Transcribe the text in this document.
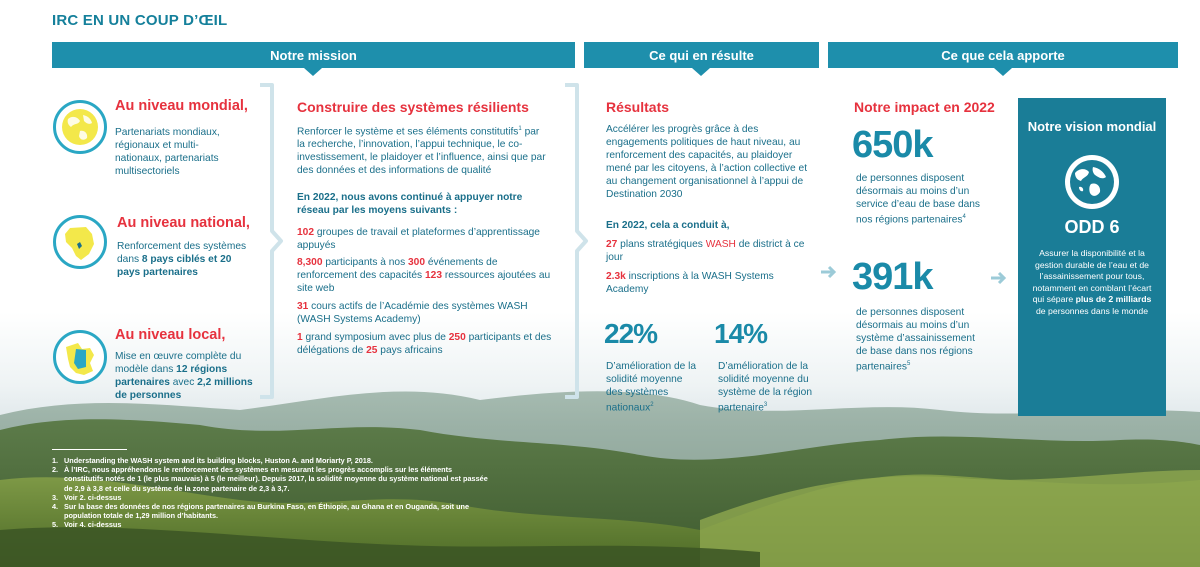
IRC EN UN COUP D’ŒIL
Notre mission	Ce qui en résulte	Ce que cela apporte
Au niveau mondial,
Partenariats mondiaux, régionaux et multi-nationaux, partenariats multisectoriels
Au niveau national,
Renforcement des systèmes dans 8 pays ciblés et 20 pays partenaires
Au niveau local,
Mise en œuvre complète du modèle dans 12 régions partenaires avec 2,2 millions de personnes
Construire des systèmes résilients
Renforcer le système et ses éléments constitutifs$^1$ par la recherche, l’innovation, l’appui technique, le co-investissement, le plaidoyer et l’influence, ainsi que par des données et des informations de qualité
En 2022, nous avons continué à appuyer notre réseau par les moyens suivants :
102 groupes de travail et plateformes d’apprentissage appuyés
8,300 participants à nos 300 événements de renforcement des capacités 123 ressources ajoutées au site web
31 cours actifs de l’Académie des systèmes WASH (WASH Systems Academy)
1 grand symposium avec plus de 250 participants et des délégations de 25 pays africains
Résultats
Accélérer les progrès grâce à des engagements politiques de haut niveau, au renforcement des capacités, au plaidoyer mené par les citoyens, à l’action collective et au changement organisationnel à l’appui de Destination 2030
En 2022, cela a conduit à,
27 plans stratégiques WASH de district à ce jour
2.3k inscriptions à la WASH Systems Academy
22%
D’amélioration de la solidité moyenne des systèmes nationaux$^2$
14%
D’amélioration de la solidité moyenne du système de la région partenaire$^3$
Notre impact en 2022
650k
de personnes disposent désormais au moins d’un service d’eau de base dans nos régions partenaires$^4$
391k
de personnes disposent désormais au moins d’un système d’assainissement de base dans nos régions partenaires$^5$
Notre vision mondial
ODD 6
Assurer la disponibilité et la gestion durable de l’eau et de l’assainissement pour tous, notamment en comblant l’écart qui sépare plus de 2 milliards de personnes dans le monde
1. Understanding the WASH system and its building blocks, Huston A. and Moriarty P, 2018.
2. À l’IRC, nous appréhendons le renforcement des systèmes en mesurant les progrès accomplis sur les éléments constitutifs notés de 1 (le plus mauvais) à 5 (le meilleur). Depuis 2017, la solidité moyenne du système national est passée de 2,9 à 3,8 et celle du système de la zone partenaire de 2,3 à 3,7.
3. Voir 2. ci-dessus
4. Sur la base des données de nos régions partenaires au Burkina Faso, en Éthiopie, au Ghana et en Ouganda, soit une population totale de 1,29 million d’habitants.
5. Voir 4. ci-dessus
